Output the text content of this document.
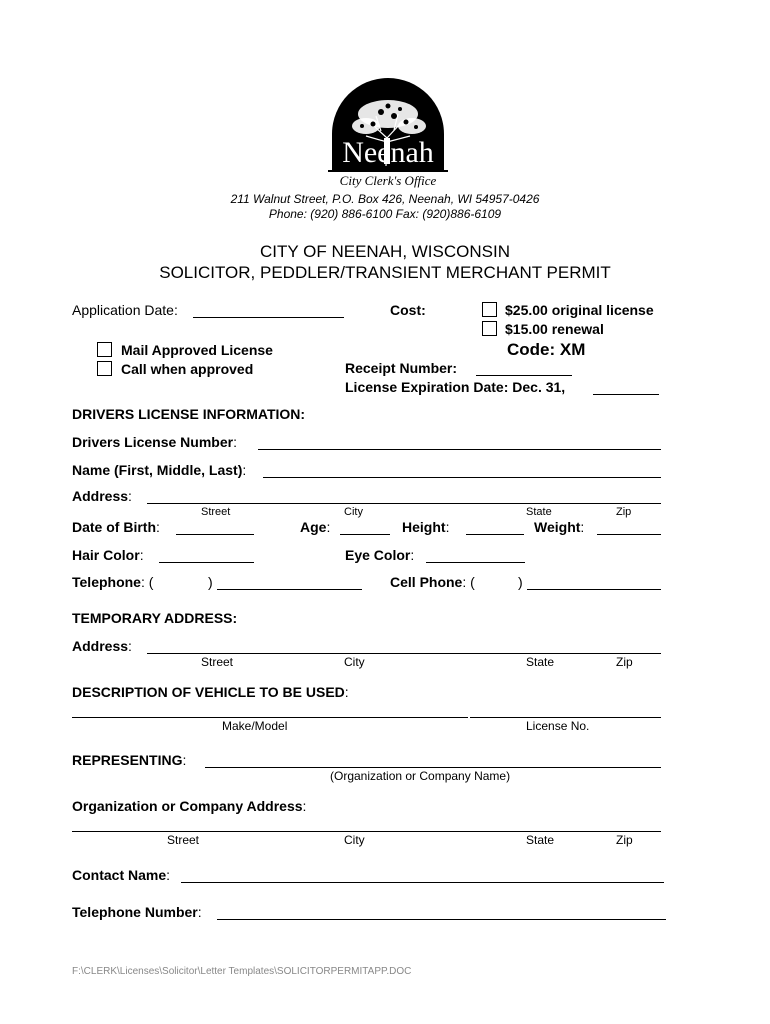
Neenah
City Clerk's Office
211 Walnut Street, P.O. Box 426, Neenah, WI 54957-0426
Phone: (920) 886-6100 Fax: (920)886-6109
CITY OF NEENAH, WISCONSIN
SOLICITOR, PEDDLER/TRANSIENT MERCHANT PERMIT
Application Date:	Cost:	$25.00 original license
$15.00 renewal
Mail Approved License
Call when approved
Code: XM
Receipt Number:
License Expiration Date: Dec. 31,
DRIVERS LICENSE INFORMATION:
Drivers License Number:
Name (First, Middle, Last):
Address:
Street	City	State	Zip
Date of Birth:	Age:	Height:	Weight:
Hair Color:	Eye Color:
Telephone: (	)	Cell Phone: (	)
TEMPORARY ADDRESS:
Address:
Street	City	State	Zip
DESCRIPTION OF VEHICLE TO BE USED:
Make/Model	License No.
REPRESENTING:
(Organization or Company Name)
Organization or Company Address:
Street	City	State	Zip
Contact Name:
Telephone Number:
F:\CLERK\Licenses\Solicitor\Letter Templates\SOLICITORPERMITAPP.DOC
